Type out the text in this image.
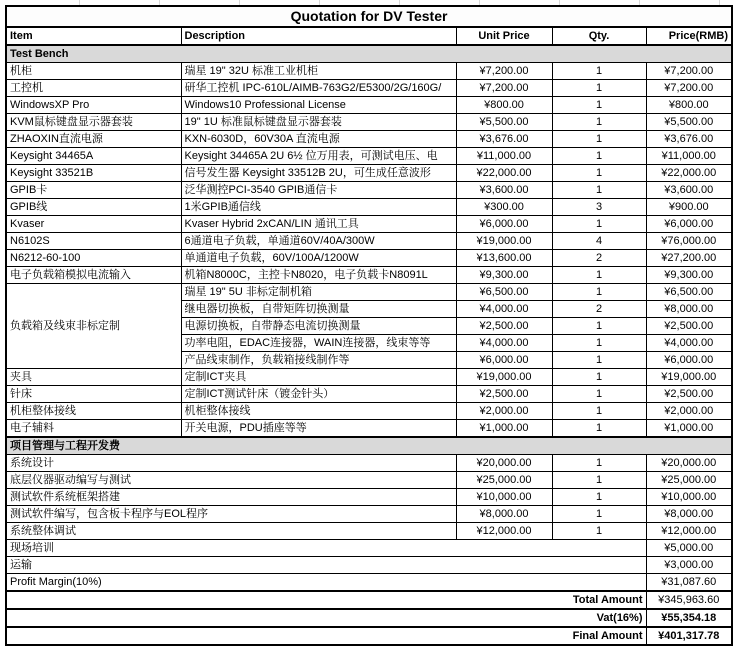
Quotation for DV Tester				
Item	Description	Unit Price	Qty.	Price(RMB)
Test Bench				
机柜	瑞星 19" 32U 标准工业机柜	¥7,200.00	1	¥7,200.00
工控机	研华工控机 IPC-610L/AIMB-763G2/E5300/2G/160G/	¥7,200.00	1	¥7,200.00
WindowsXP Pro	Windows10 Professional License	¥800.00	1	¥800.00
KVM鼠标键盘显示器套装	19" 1U 标准鼠标键盘显示器套装	¥5,500.00	1	¥5,500.00
ZHAOXIN直流电源	KXN-6030D，60V30A 直流电源	¥3,676.00	1	¥3,676.00
Keysight 34465A	Keysight 34465A 2U 6½ 位万用表，可测试电压、电	¥11,000.00	1	¥11,000.00
Keysight 33521B	信号发生器 Keysight 33512B 2U，可生成任意波形	¥22,000.00	1	¥22,000.00
GPIB卡	泛华测控PCI-3540 GPIB通信卡	¥3,600.00	1	¥3,600.00
GPIB线	1米GPIB通信线	¥300.00	3	¥900.00
Kvaser	Kvaser Hybrid 2xCAN/LIN 通讯工具	¥6,000.00	1	¥6,000.00
N6102S	6通道电子负载，单通道60V/40A/300W	¥19,000.00	4	¥76,000.00
N6212-60-100	单通道电子负载，60V/100A/1200W	¥13,600.00	2	¥27,200.00
电子负载箱模拟电流输入	机箱N8000C，主控卡N8020，电子负载卡N8091L	¥9,300.00	1	¥9,300.00
负载箱及线束非标定制	瑞星 19" 5U 非标定制机箱	¥6,500.00	1	¥6,500.00
	继电器切换板，自带矩阵切换测量	¥4,000.00	2	¥8,000.00
	电源切换板，自带静态电流切换测量	¥2,500.00	1	¥2,500.00
	功率电阻，EDAC连接器，WAIN连接器，线束等等	¥4,000.00	1	¥4,000.00
	产品线束制作，负载箱接线制作等	¥6,000.00	1	¥6,000.00
夹具	定制ICT夹具	¥19,000.00	1	¥19,000.00
针床	定制ICT测试针床（镀金针头）	¥2,500.00	1	¥2,500.00
机柜整体接线	机柜整体接线	¥2,000.00	1	¥2,000.00
电子辅料	开关电源，PDU插座等等	¥1,000.00	1	¥1,000.00
项目管理与工程开发费				
系统设计		¥20,000.00	1	¥20,000.00
底层仪器驱动编写与测试		¥25,000.00	1	¥25,000.00
测试软件系统框架搭建		¥10,000.00	1	¥10,000.00
测试软件编写，包含板卡程序与EOL程序		¥8,000.00	1	¥8,000.00
系统整体调试		¥12,000.00	1	¥12,000.00
现场培训				¥5,000.00
运输				¥3,000.00
Profit Margin(10%)				¥31,087.60
Total Amount				¥345,963.60
Vat(16%)				¥55,354.18
Final Amount				¥401,317.78
